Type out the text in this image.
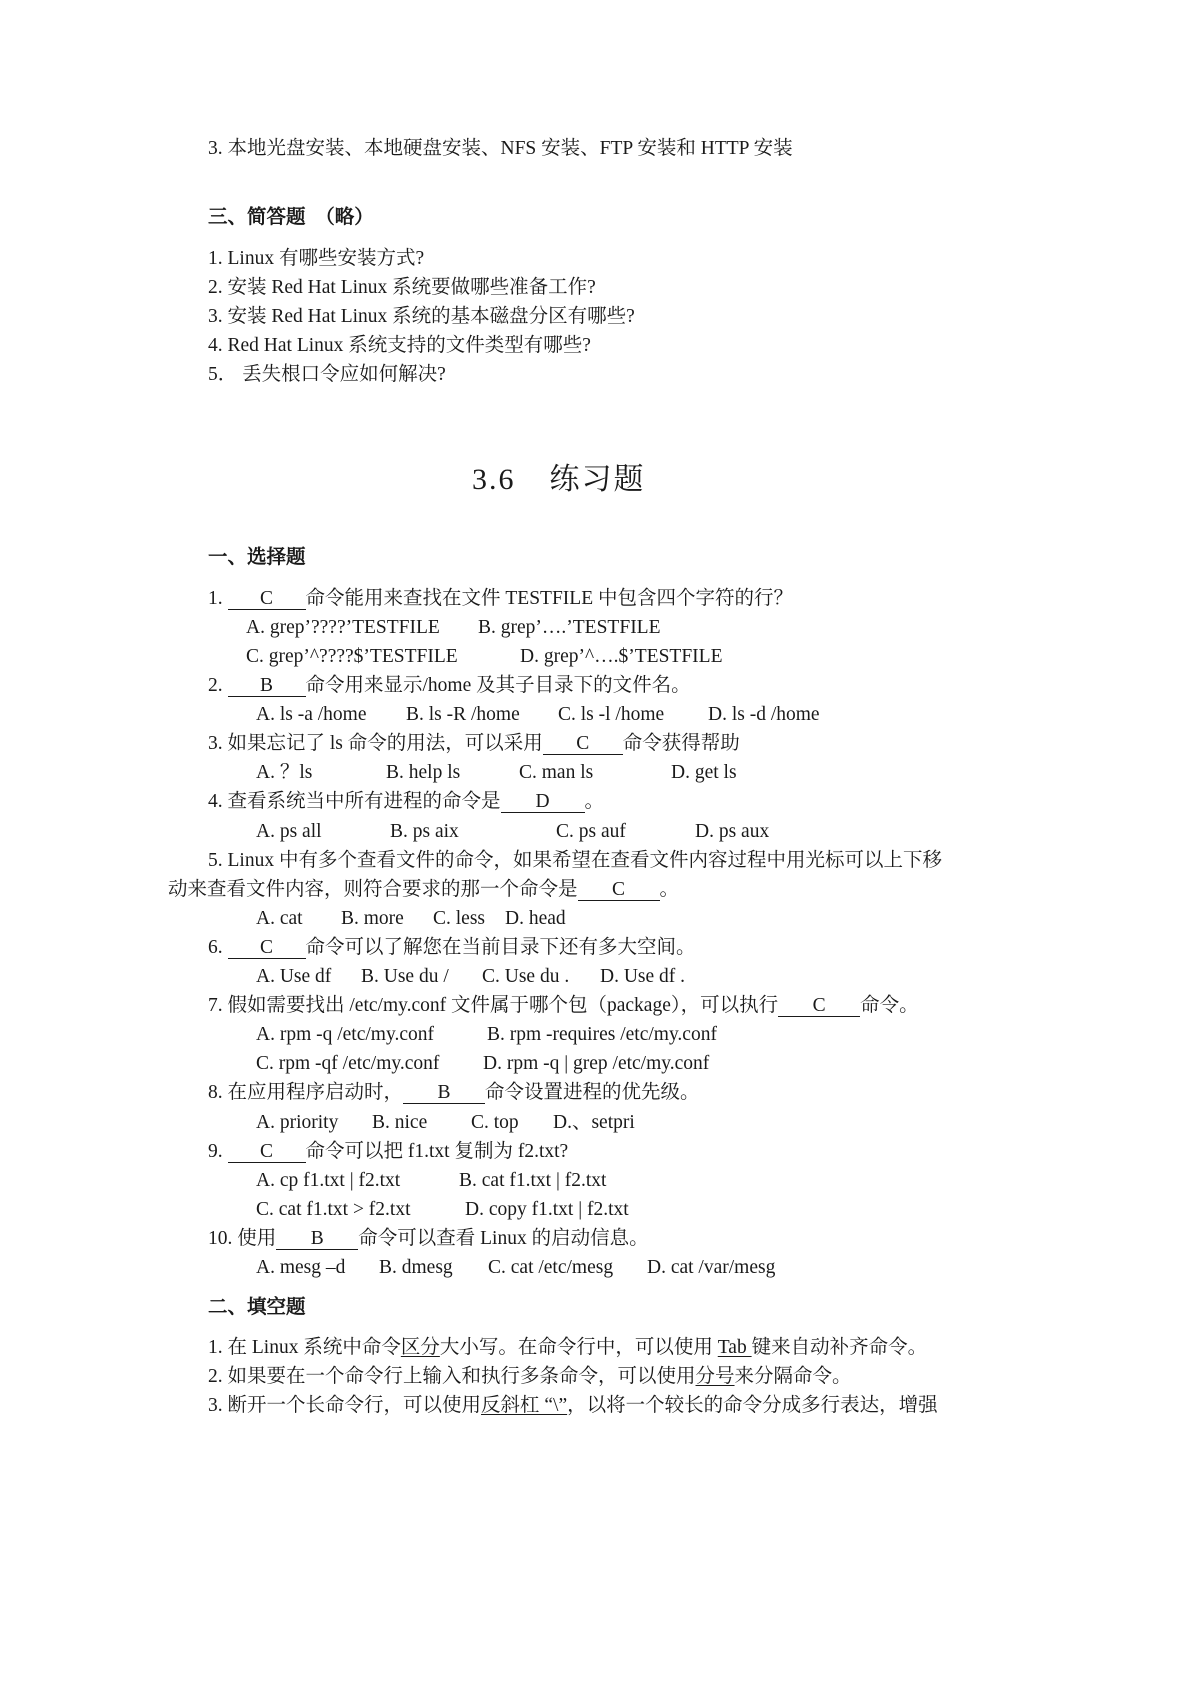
3. 本地光盘安装、本地硬盘安装、NFS 安装、FTP 安装和 HTTP 安装
三、简答题　（略）
1. Linux 有哪些安装方式?
2. 安装 Red Hat Linux 系统要做哪些准备工作?
3. 安装 Red Hat Linux 系统的基本磁盘分区有哪些?
4. Red Hat Linux 系统支持的文件类型有哪些?
5． 丢失根口令应如何解决?
3.6 练习题
一、选择题
1. C 命令能用来查找在文件 TESTFILE 中包含四个字符的行？
A. grep’????’TESTFILE B. grep’….’TESTFILE
C. grep’^????$’TESTFILE	D. grep’^….$’TESTFILE
2. B 命令用来显示/home 及其子目录下的文件名。
A. ls -a /home B. ls -R /home C. ls -l /home D. ls -d /home
3. 如果忘记了 ls 命令的用法，可以采用 C 命令获得帮助
A. ？ls	B. help ls	C. man ls	D. get ls
4. 查看系统当中所有进程的命令是 D 。
A. ps all	B. ps aix	C. ps auf	D. ps aux
5. Linux 中有多个查看文件的命令，如果希望在查看文件内容过程中用光标可以上下移
动来查看文件内容，则符合要求的那一个命令是 C 。
A. cat B. more C. less D. head
6. C 命令可以了解您在当前目录下还有多大空间。
A. Use df B. Use du / C. Use du . D. Use df .
7. 假如需要找出 /etc/my.conf 文件属于哪个包（package），可以执行 C 命令。
A. rpm -q /etc/my.conf	B. rpm -requires /etc/my.conf
C. rpm -qf /etc/my.conf D. rpm -q | grep /etc/my.conf
8. 在应用程序启动时， B 命令设置进程的优先级。
A. priority B. nice C. top D.、setpri
9. C 命令可以把 f1.txt 复制为 f2.txt?
A. cp f1.txt | f2.txt	B. cat f1.txt | f2.txt
C. cat f1.txt > f2.txt	D. copy f1.txt | f2.txt
10. 使用 B 命令可以查看 Linux 的启动信息。
A. mesg –d B. dmesg C. cat /etc/mesg D. cat /var/mesg
二、填空题
1. 在 Linux 系统中命令区分大小写。在命令行中，可以使用 Tab 键来自动补齐命令。
2. 如果要在一个命令行上输入和执行多条命令，可以使用分号来分隔命令。
3. 断开一个长命令行，可以使用反斜杠 “\”，以将一个较长的命令分成多行表达，增强
